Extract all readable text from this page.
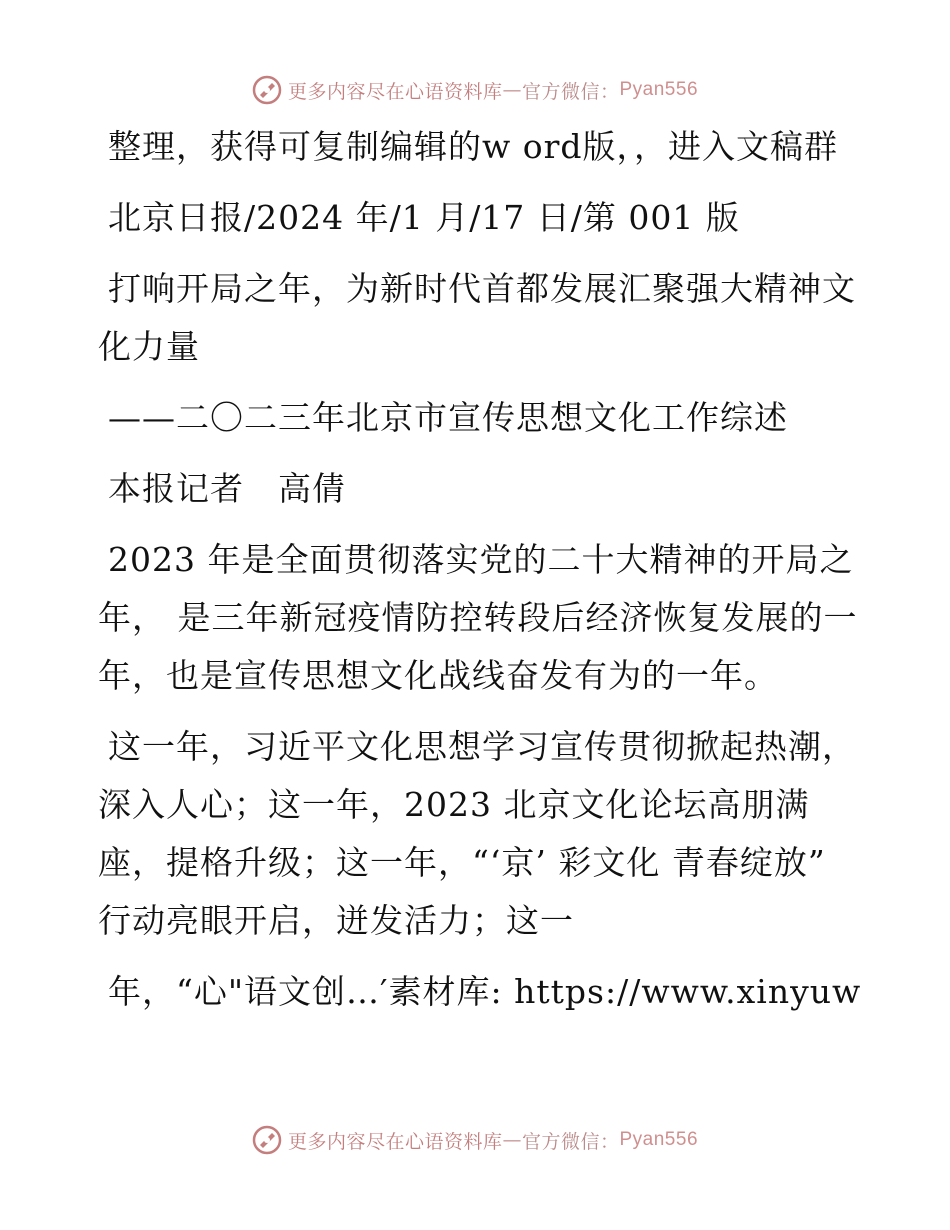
更多内容尽在心语资料库 — 官方微信： Pyan556

整理，获得可复制编辑的w ord版，，进入文稿群

北京日报/2024 年/1 月/17 日/第 001 版

打响开局之年，为新时代首都发展汇聚强大精神文化力量

——二〇二三年北京市宣传思想文化工作综述

本报记者　高倩

2023 年是全面贯彻落实党的二十大精神的开局之年， 是三年新冠疫情防控转段后经济恢复发展的一年，也是宣传思想文化战线奋发有为的一年。

这一年，习近平文化思想学习宣传贯彻掀起热潮，深入人心；这一年，2023 北京文化论坛高朋满座，提格升级；这一年，“‘京’ 彩文化 青春绽放” 行动亮眼开启，迸发活力；这一

年，“心"语文创…′素材库: https://www.xinyuw

更多内容尽在心语资料库 — 官方微信： Pyan556
